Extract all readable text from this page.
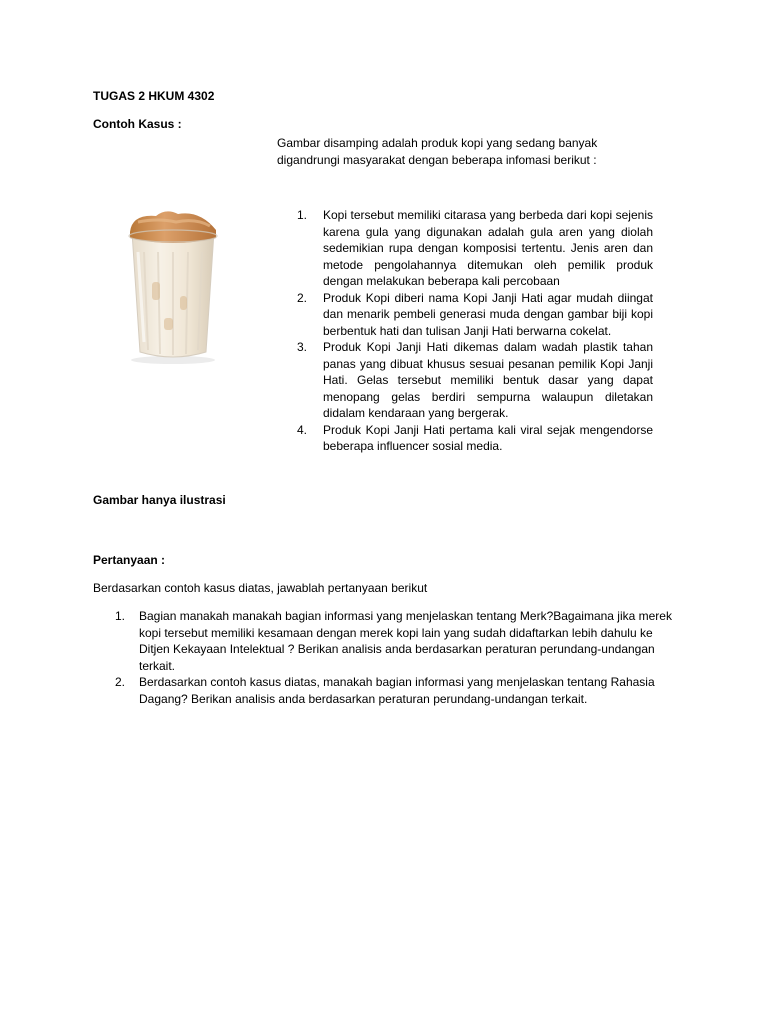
TUGAS 2 HKUM 4302
Contoh Kasus :
Gambar disamping adalah produk kopi yang sedang banyak digandrungi masyarakat dengan beberapa infomasi berikut :
1. Kopi tersebut memiliki citarasa yang berbeda dari kopi sejenis karena gula yang digunakan adalah gula aren yang diolah sedemikian rupa dengan komposisi tertentu. Jenis aren dan metode pengolahannya ditemukan oleh pemilik produk dengan melakukan beberapa kali percobaan
2. Produk Kopi diberi nama Kopi Janji Hati agar mudah diingat dan menarik pembeli generasi muda dengan gambar biji kopi berbentuk hati dan tulisan Janji Hati berwarna cokelat.
3. Produk Kopi Janji Hati dikemas dalam wadah plastik tahan panas yang dibuat khusus sesuai pesanan pemilik Kopi Janji Hati. Gelas tersebut memiliki bentuk dasar yang dapat menopang gelas berdiri sempurna walaupun diletakan didalam kendaraan yang bergerak.
4. Produk Kopi Janji Hati pertama kali viral sejak mengendorse beberapa influencer sosial media.
Gambar hanya ilustrasi
Pertanyaan :
Berdasarkan contoh kasus diatas, jawablah pertanyaan berikut
1. Bagian manakah manakah bagian informasi yang menjelaskan tentang Merk?Bagaimana jika merek kopi tersebut memiliki kesamaan dengan merek kopi lain yang sudah didaftarkan lebih dahulu ke Ditjen Kekayaan Intelektual ? Berikan analisis anda berdasarkan peraturan perundang-undangan terkait.
2. Berdasarkan contoh kasus diatas, manakah bagian informasi yang menjelaskan tentang Rahasia Dagang? Berikan analisis anda berdasarkan peraturan perundang-undangan terkait.
